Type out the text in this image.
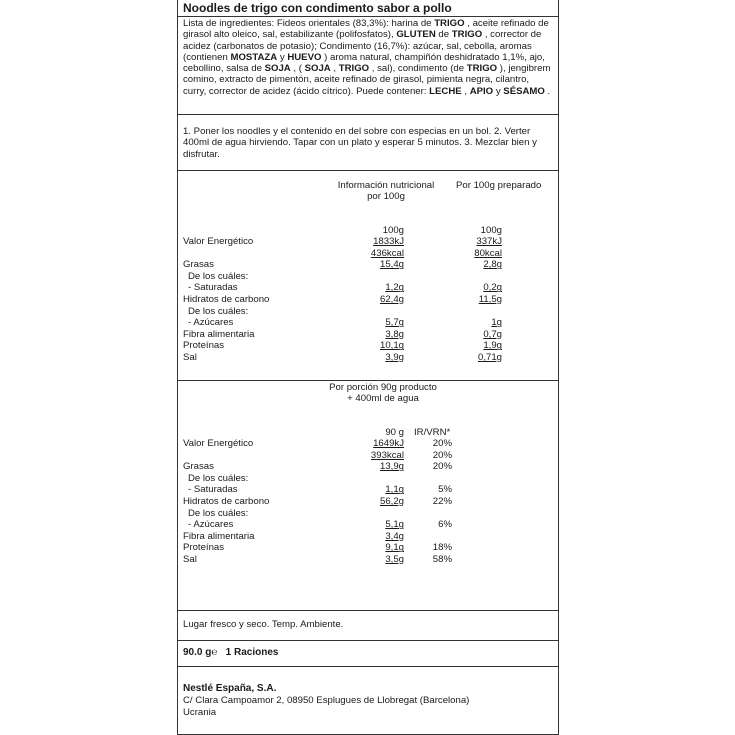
Noodles de trigo con condimento sabor a pollo
Lista de ingredientes: Fideos orientales (83,3%): harina de TRIGO , aceite refinado de girasol alto oleico, sal, estabilizante (polifosfatos), GLUTEN de TRIGO , corrector de acidez (carbonatos de potasio); Condimento (16,7%): azúcar, sal, cebolla, aromas (contienen MOSTAZA y HUEVO ) aroma natural, champiñón deshidratado 1,1%, ajo, cebollino, salsa de SOJA , ( SOJA , TRIGO , sal), condimento (de TRIGO ), jengibrem comino, extracto de pimentón, aceite refinado de girasol, pimienta negra, cilantro, curry, corrector de acidez (ácido cítrico). Puede contener: LECHE , APIO y SÉSAMO .
1. Poner los noodles y el contenido en del sobre con especias en un bol. 2. Verter 400ml de agua hirviendo. Tapar con un plato y esperar 5 minutos. 3. Mezclar bien y disfrutar.
Información nutricional
por 100g
Por 100g preparado
100g	100g
Valor Energético	1833kJ	337kJ
436kcal	80kcal
Grasas	15,4g	2,8g
De los cuáles:
- Saturadas	1,2g	0,2g
Hidratos de carbono	62,4g	11,5g
De los cuáles:
- Azúcares	5,7g	1g
Fibra alimentaria	3,8g	0,7g
Proteínas	10,1g	1,9g
Sal	3,9g	0,71g
Por porción 90g producto
+ 400ml de agua
90 g IR/VRN*
Valor Energético	1649kJ	20%
393kcal	20%
Grasas	13,9g	20%
De los cuáles:
- Saturadas	1,1g	5%
Hidratos de carbono	56,2g	22%
De los cuáles:
- Azúcares	5,1g	6%
Fibra alimentaria	3,4g
Proteínas	9,1g	18%
Sal	3,5g	58%
Lugar fresco y seco. Temp. Ambiente.
90.0 g℮   1 Raciones
Nestlé España, S.A.
C/ Clara Campoamor 2, 08950 Esplugues de Llobregat (Barcelona)
Ucrania
